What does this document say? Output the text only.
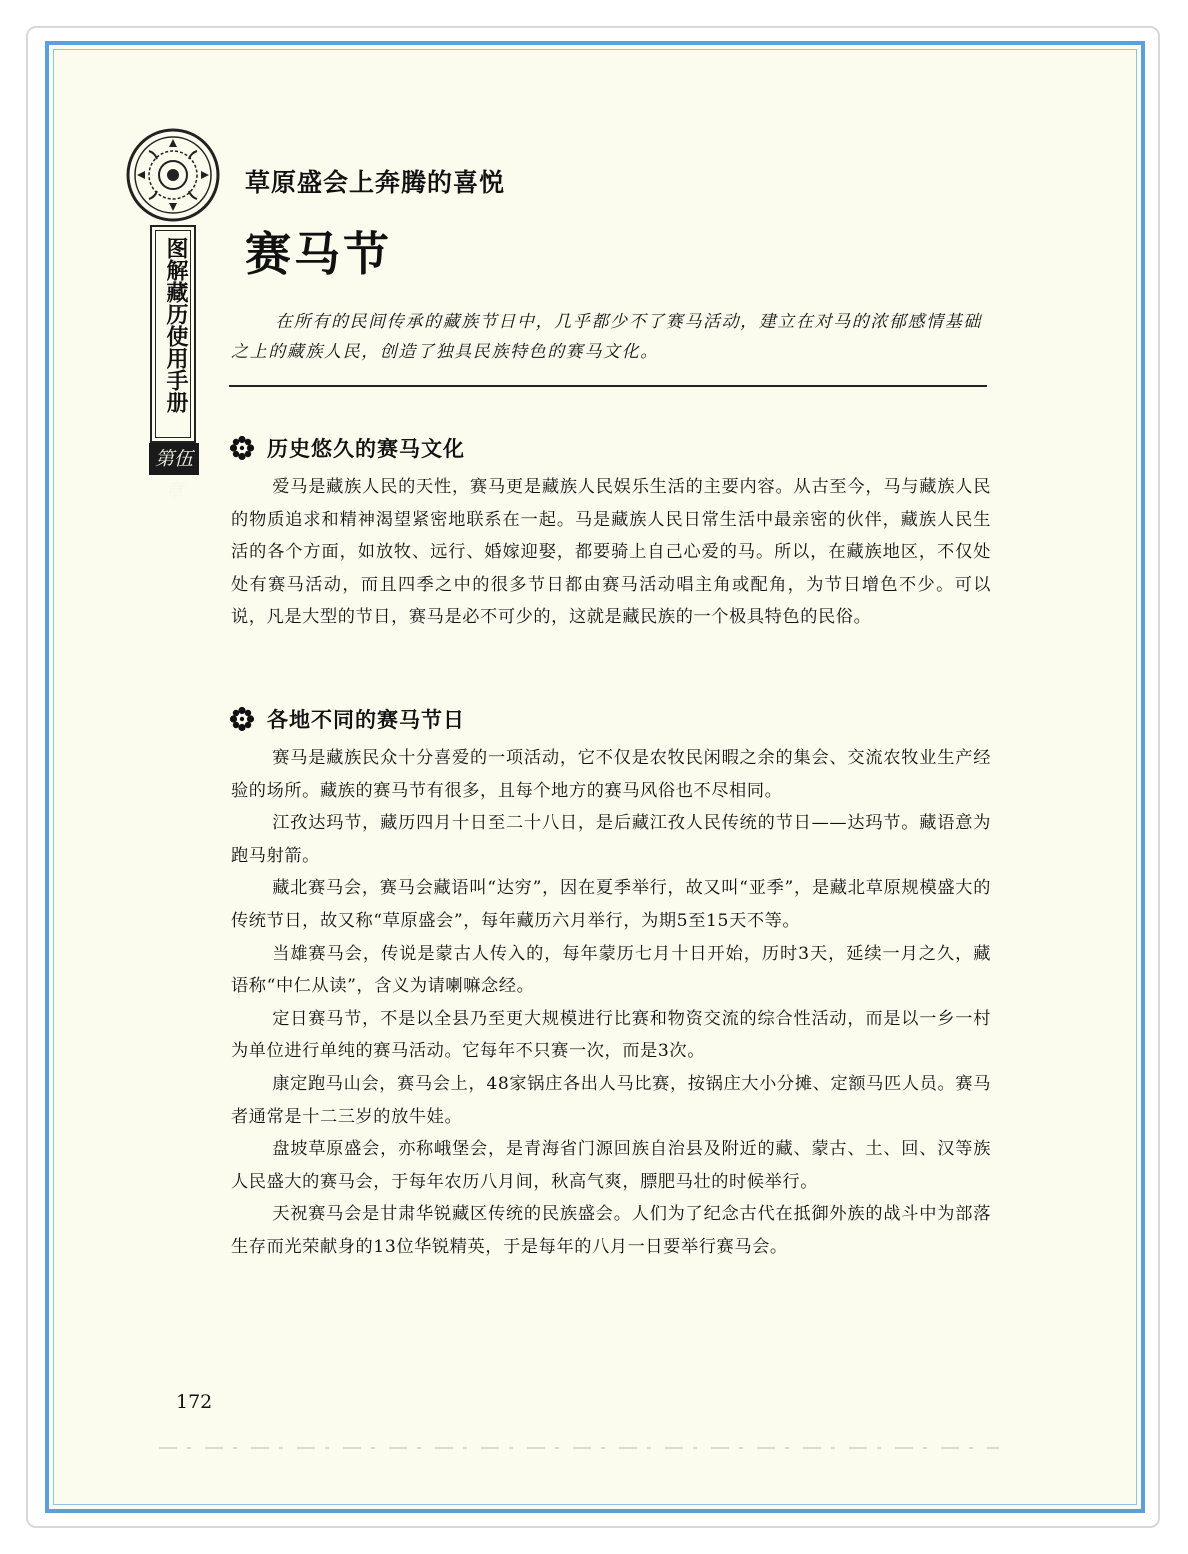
图解藏历使用手册
第伍章
草原盛会上奔腾的喜悦
赛马节

在所有的民间传承的藏族节日中，几乎都少不了赛马活动，建立在对马的浓郁感情基础之上的藏族人民，创造了独具民族特色的赛马文化。

历史悠久的赛马文化

爱马是藏族人民的天性，赛马更是藏族人民娱乐生活的主要内容。从古至今，马与藏族人民的物质追求和精神渴望紧密地联系在一起。马是藏族人民日常生活中最亲密的伙伴，藏族人民生活的各个方面，如放牧、远行、婚嫁迎娶，都要骑上自己心爱的马。所以，在藏族地区，不仅处处有赛马活动，而且四季之中的很多节日都由赛马活动唱主角或配角，为节日增色不少。可以说，凡是大型的节日，赛马是必不可少的，这就是藏民族的一个极具特色的民俗。

各地不同的赛马节日

赛马是藏族民众十分喜爱的一项活动，它不仅是农牧民闲暇之余的集会、交流农牧业生产经验的场所。藏族的赛马节有很多，且每个地方的赛马风俗也不尽相同。

江孜达玛节，藏历四月十日至二十八日，是后藏江孜人民传统的节日——达玛节。藏语意为跑马射箭。

藏北赛马会，赛马会藏语叫“达穷”，因在夏季举行，故又叫“亚季”，是藏北草原规模盛大的传统节日，故又称“草原盛会”，每年藏历六月举行，为期5至15天不等。

当雄赛马会，传说是蒙古人传入的，每年蒙历七月十日开始，历时3天，延续一月之久，藏语称“中仁从读”，含义为请喇嘛念经。

定日赛马节，不是以全县乃至更大规模进行比赛和物资交流的综合性活动，而是以一乡一村为单位进行单纯的赛马活动。它每年不只赛一次，而是3次。

康定跑马山会，赛马会上，48家锅庄各出人马比赛，按锅庄大小分摊、定额马匹人员。赛马者通常是十二三岁的放牛娃。

盘坡草原盛会，亦称峨堡会，是青海省门源回族自治县及附近的藏、蒙古、土、回、汉等族人民盛大的赛马会，于每年农历八月间，秋高气爽，膘肥马壮的时候举行。

天祝赛马会是甘肃华锐藏区传统的民族盛会。人们为了纪念古代在抵御外族的战斗中为部落生存而光荣献身的13位华锐精英，于是每年的八月一日要举行赛马会。

172
